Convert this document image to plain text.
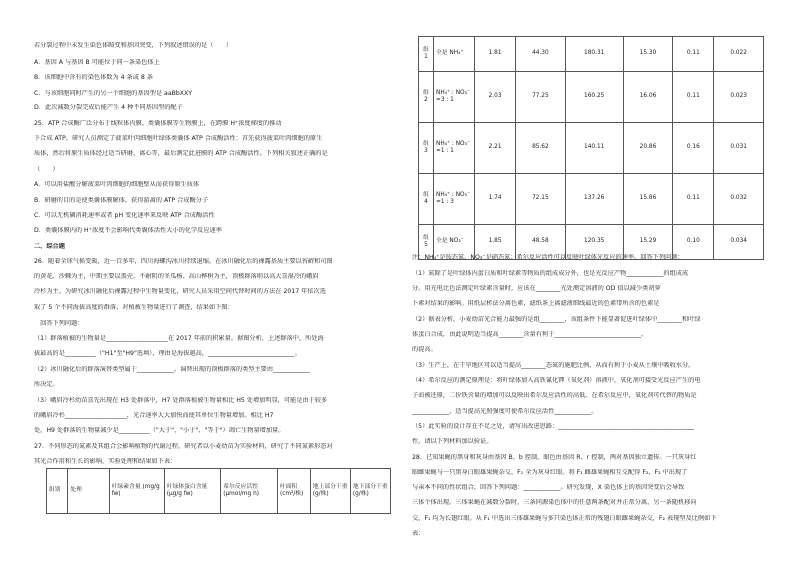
若分裂过程中未发生染色体畸变和基因突变，下列叙述错误的是（　　）
A．基因 A 与基因 B 可能位于同一条染色体上
B．该细胞中含有的染色体数为 4 条或 8 条
C．与该细胞同时产生的另一个细胞的基因型是 aaBbXXY
D．此次减数分裂完成后能产生 4 种不同基因型的配子
25．ATP 合成酶广泛分布于线粒体内膜、类囊体膜等生物膜上，在跨膜 H⁺浓度梯度的推动
下合成 ATP。研究人员测定了菠菜叶肉细胞叶绿体类囊体 ATP 合成酶活性：首先获得菠菜叶肉细胞的原生
质体，然后将原生质体经过适当研磨、离心等，最后测定此进膜的 ATP 合成酶活性。下列相关叙述正确的是
（　　）
A．可以用盐酸分解菠菜叶肉细胞的细胞壁从而获得原生质体
B．研磨的目的是使类囊体膜解体，获得游离的 ATP 合成酶分子
C．可以无机磷消耗速率或者 pH 变化速率来反映 ATP 合成酶活性
D．类囊体膜内的 H⁺浓度不会影响代类囊体活性大小的化学反应速率
二、综合题
26．随着全球气候变暖，近一百多年，四川海螺沟冰川持续退缩。在冰川融化后的裸露基质主要以苔藓和司图
的黄花、沙棘为主，中期主要以盖壳、不耐阴的冬瓜杨、高山桦树为主，顶极群落则以高大喜湿冷的峨眉
冷杉为主。为研究冰川融化后裸露过程中生物量变化，研究人员采用空间代替时间的方法在 2017 年依次选
取了 5 个不同海拔高度的群落，对植被生物量进行了调查，结果如下图：
　回答下列问题：
（1）群落植被的生物量是____________________在 2017 年前的积累量。据图分析，上述群落中，所处海
拔最高的是__________（"H1"至"H9"选填），理由是海拔越高，____________________________。
（2）冰川融化后的群落演替类型属于____________。演替出现的顶极群落的类型主要由____________
所决定。
（3）峨眉冷杉幼苗喜先出现在 H3 处群落中，H7 处群落植被生物量相比 H5 处增加明显，可能是由于较多
的峨眉冷杉____________________，光合速率大大加快而使其单位生物量增加。相比 H7
处，H9 处群落的生物量减少是__________（"大于"、"小于"、"等于"）凋亡生物量增加量。
27．不同形态的氮素及其组合会影响植物的代谢过程，研究者以小麦幼苗为实验材料，研究了不同氮素形态对
其光合作用和生长的影响，实验处理和结果如下表：
组别	处理	叶绿素含量 (mg/g fw)	叶绿体蛋白含量 (μg/g fw)	希尔反应活性 (μmol/mg h)	叶面积 (cm²/株)	地上部分干重 (g/株)	地下部分干重 (g/株)
注：NH₄⁺是铵态氮，NO₃⁻是硝态氮；希尔反应活性可以反映叶绿体光反应的速率。回答下列问题：
（1）氮除了是叶绿体内蛋白质和叶绿素等物质的组成成分外，也是光反应产物____________的组成成
分。用光电比色法测定叶绿素含量时，应该在________光处测定溶液的 OD 值以减少类胡萝
卜素对结果的影响。用纸层析法分离色素，滤纸条上离滤液细线最近的色素带所含的色素是
（2）据表分析，小麦幼苗光合能力最强的是组________，该组条件下能显著促进叶绿体中________和叶绿
体蛋白合成，由此说明适当提高________含量有利于____________________________。
的提高。
（3）生产上，在干旱地区可以适当提高________态氮的施肥比例，从而有利于小麦从土壤中吸收水分。
（4）希尔反应的测定原理是：将叶绿体加入高铁氰化钾（氧化剂）溶液中，氧化剂可接受光反应产生的电
子而被还原，二价铁含量的增加可以反映出希尔反应活性的高低。在希尔反应中，氧化剂可代替的物质是
____________，适当提高光照强度可使希尔反应活性____________。
（5）此实验的设计存在不足之处，请写出改进思路：____________________________________________
性，请以下列材料加以验证。
28．已知果蝇的黑身和灰身由基因 B、b 控制，眼色由基因 R、r 控制，两对基因独立遗传。一只灰身红
眼雌果蝇与一只黑身白眼雄果蝇杂交，F₁ 全为灰身红眼。将 F₁ 雌雄果蝇相互交配得 F₂，F₂ 中出现了
与亲本不同的性状组合，回答下列问题：____________。研究发现，X 染色体上的基因突变后会导致
三体个体出现。三体果蝇在减数分裂时，三条同源染色体中的任意两条配对并正常分离，另一条随机移向
交，F₁ 均为长翅红眼。从 F₁ 中选出三体雄果蝇与多只染色体正常的残翅白眼雌果蝇杂交，F₂ 表现型及比例如下
表：
组 1	全是 NH₄⁺	1.81	44.30	180.31	15.30	0.11	0.022
组 2	NH₄⁺ : NO₃⁻ =3 : 1	2.03	77.25	160.25	16.06	0.11	0.023
组 3	NH₄⁺ : NO₃⁻ =1 : 1	2.21	85.62	140.11	20.86	0.16	0.031
组 4	NH₄⁺ : NO₃⁻ =1 : 3	1.74	72.15	137.26	15.86	0.11	0.032
组 5	全是 NO₃⁻	1.85	48.58	120.35	15.29	0.10	0.034
